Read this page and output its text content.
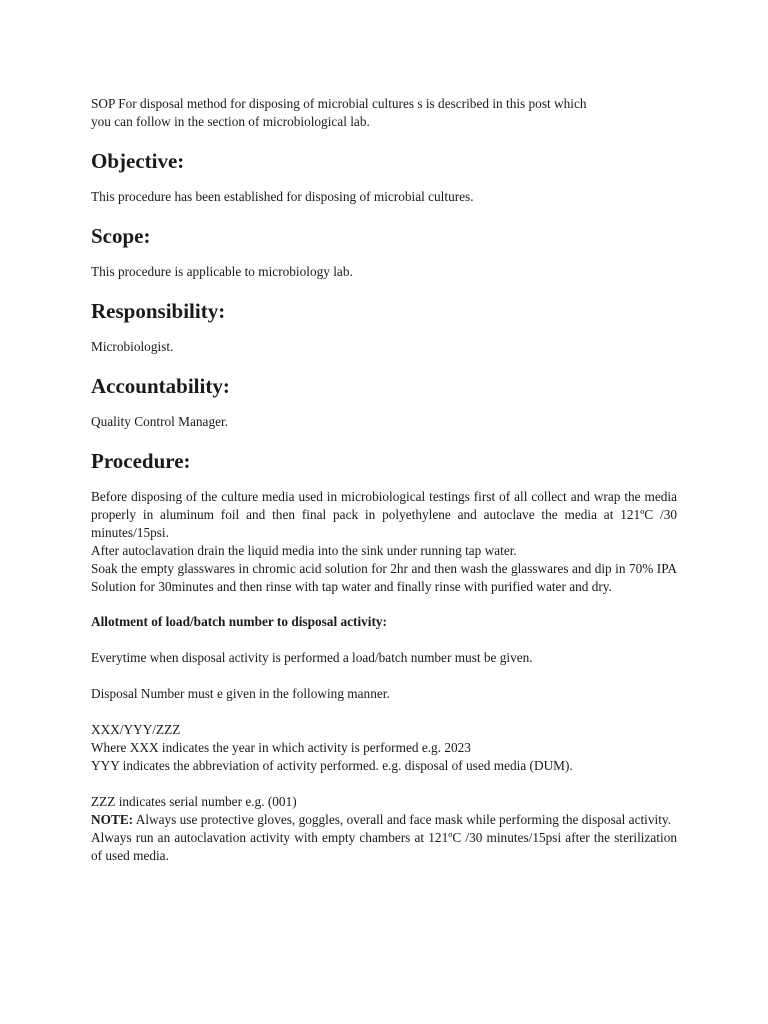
SOP For disposal method for disposing of microbial cultures s is described in this post which
you can follow in the section of microbiological lab.

Objective:

This procedure has been established for disposing of microbial cultures.

Scope:

This procedure is applicable to microbiology lab.

Responsibility:

Microbiologist.

Accountability:

Quality Control Manager.

Procedure:

Before disposing of the culture media used in microbiological testings first of all collect and wrap the media properly in aluminum foil and then final pack in polyethylene and autoclave the media at 121ºC /30 minutes/15psi.

After autoclavation drain the liquid media into the sink under running tap water.

Soak the empty glasswares in chromic acid solution for 2hr and then wash the glasswares and dip in 70% IPA Solution for 30minutes and then rinse with tap water and finally rinse with purified water and dry.

Allotment of load/batch number to disposal activity:

Everytime when disposal activity is performed a load/batch number must be given.

Disposal Number must e given in the following manner.

XXX/YYY/ZZZ
Where XXX indicates the year in which activity is performed e.g. 2023
YYY indicates the abbreviation of activity performed. e.g. disposal of used media (DUM).

ZZZ indicates serial number e.g. (001)

NOTE: Always use protective gloves, goggles, overall and face mask while performing the disposal activity.

Always run an autoclavation activity with empty chambers at 121ºC /30 minutes/15psi after the sterilization of used media.
